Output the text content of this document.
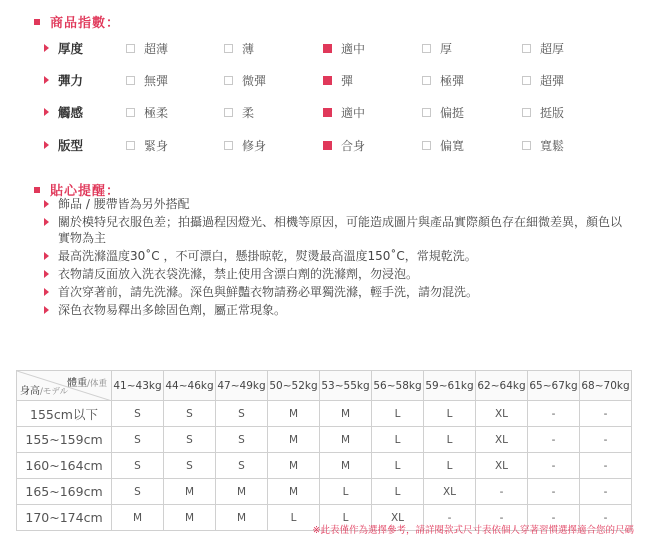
商品指數：
厚度	超薄	薄	適中	厚	超厚
彈力	無彈	微彈	彈	極彈	超彈
觸感	極柔	柔	適中	偏挺	挺版
版型	緊身	修身	合身	偏寬	寬鬆
貼心提醒：
飾品 / 腰帶皆為另外搭配
關於模特兒衣服色差；拍攝過程因燈光、相機等原因，可能造成圖片與產品實際顏色存在細微差異，顏色以實物為主
最高洗滌溫度30˚C ，不可漂白，懸掛晾乾，熨燙最高溫度150˚C，常規乾洗。
衣物請反面放入洗衣袋洗滌，禁止使用含漂白劑的洗滌劑，勿浸泡。
首次穿著前，請先洗滌。深色與鮮豔衣物請務必單獨洗滌，輕手洗，請勿混洗。
深色衣物易釋出多餘固色劑，屬正常現象。
體重/体重
身高/モデル	41~43kg	44~46kg	47~49kg	50~52kg	53~55kg	56~58kg	59~61kg	62~64kg	65~67kg	68~70kg
155cm以下	S	S	S	M	M	L	L	XL	-	-
155~159cm	S	S	S	M	M	L	L	XL	-	-
160~164cm	S	S	S	M	M	L	L	XL	-	-
165~169cm	S	M	M	M	L	L	XL	-	-	-
170~174cm	M	M	M	L	L	XL	-	-	-	-
※此表僅作為選擇參考，請詳閱款式尺寸表依個人穿著習慣選擇適合您的尺碼
